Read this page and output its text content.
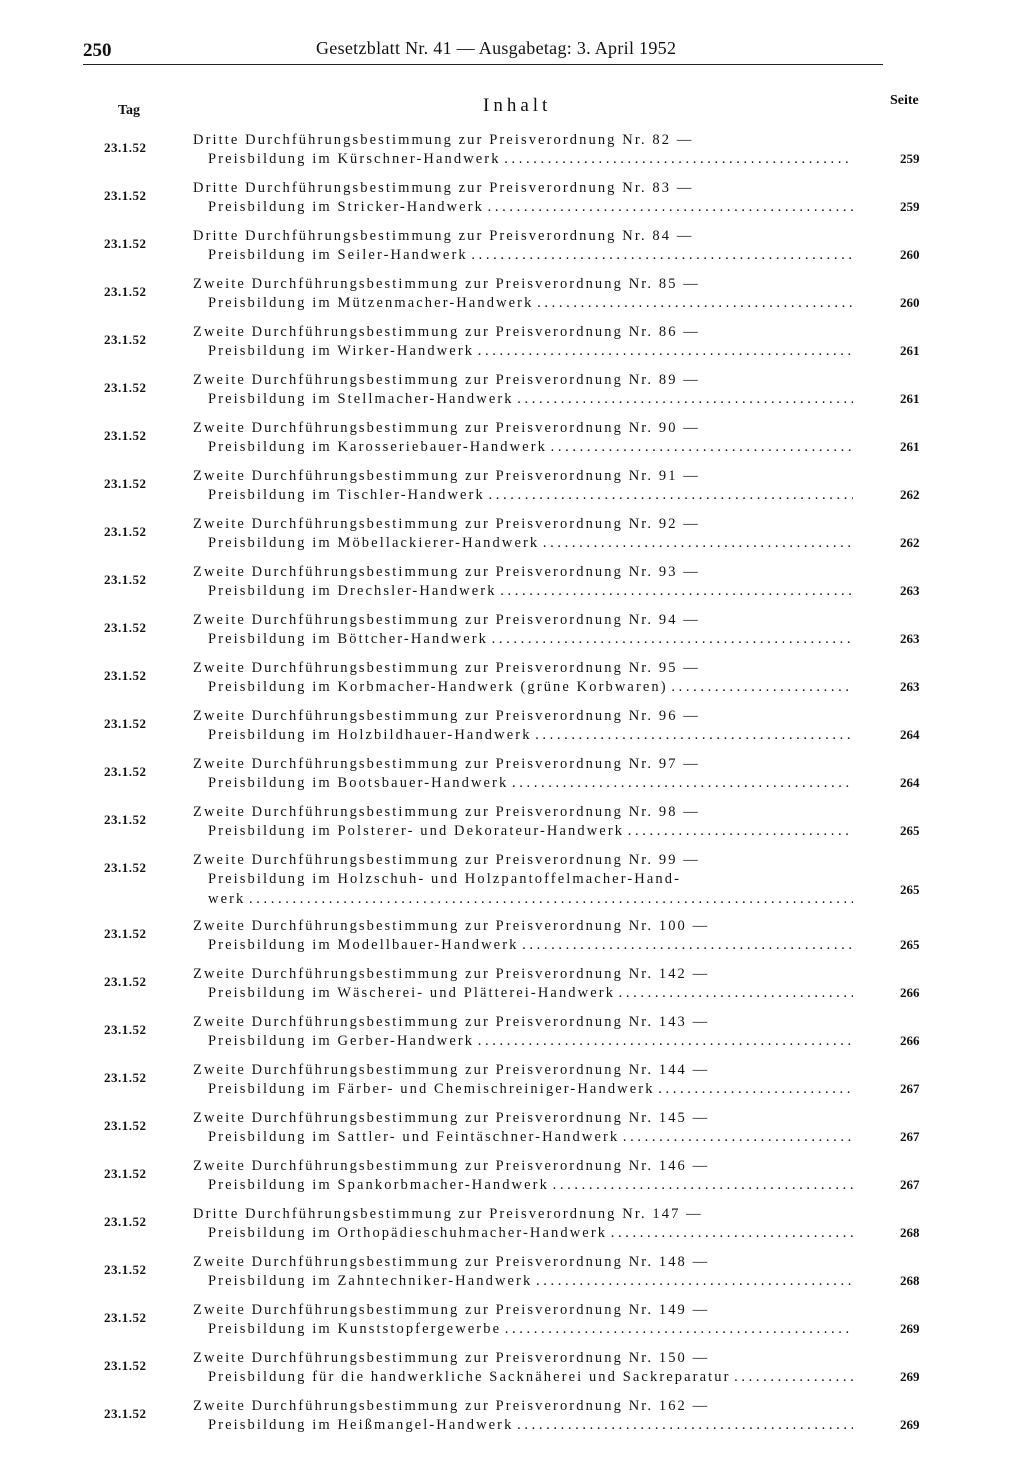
250	Gesetzblatt Nr. 41 — Ausgabetag: 3. April 1952
Tag	Inhalt	Seite
23.1.52	Dritte Durchführungsbestimmung zur Preisverordnung Nr. 82 —
Preisbildung im Kürschner-Handwerk . . .	259
23.1.52	Dritte Durchführungsbestimmung zur Preisverordnung Nr. 83 —
Preisbildung im Stricker-Handwerk . . .	259
23.1.52	Dritte Durchführungsbestimmung zur Preisverordnung Nr. 84 —
Preisbildung im Seiler-Handwerk . . .	260
23.1.52	Zweite Durchführungsbestimmung zur Preisverordnung Nr. 85 —
Preisbildung im Mützenmacher-Handwerk . . .	260
23.1.52	Zweite Durchführungsbestimmung zur Preisverordnung Nr. 86 —
Preisbildung im Wirker-Handwerk . . .	261
23.1.52	Zweite Durchführungsbestimmung zur Preisverordnung Nr. 89 —
Preisbildung im Stellmacher-Handwerk . . .	261
23.1.52	Zweite Durchführungsbestimmung zur Preisverordnung Nr. 90 —
Preisbildung im Karosseriebauer-Handwerk . . .	261
23.1.52	Zweite Durchführungsbestimmung zur Preisverordnung Nr. 91 —
Preisbildung im Tischler-Handwerk . . .	262
23.1.52	Zweite Durchführungsbestimmung zur Preisverordnung Nr. 92 —
Preisbildung im Möbellackierer-Handwerk . . .	262
23.1.52	Zweite Durchführungsbestimmung zur Preisverordnung Nr. 93 —
Preisbildung im Drechsler-Handwerk . . .	263
23.1.52	Zweite Durchführungsbestimmung zur Preisverordnung Nr. 94 —
Preisbildung im Böttcher-Handwerk . . .	263
23.1.52	Zweite Durchführungsbestimmung zur Preisverordnung Nr. 95 —
Preisbildung im Korbmacher-Handwerk (grüne Korbwaren) . . .	263
23.1.52	Zweite Durchführungsbestimmung zur Preisverordnung Nr. 96 —
Preisbildung im Holzbildhauer-Handwerk . . .	264
23.1.52	Zweite Durchführungsbestimmung zur Preisverordnung Nr. 97 —
Preisbildung im Bootsbauer-Handwerk . . .	264
23.1.52	Zweite Durchführungsbestimmung zur Preisverordnung Nr. 98 —
Preisbildung im Polsterer- und Dekorateur-Handwerk . . .	265
23.1.52	Zweite Durchführungsbestimmung zur Preisverordnung Nr. 99 —
Preisbildung im Holzschuh- und Holzpantoffelmacher-Hand-
werk . . .
265
23.1.52	Zweite Durchführungsbestimmung zur Preisverordnung Nr. 100 —
Preisbildung im Modellbauer-Handwerk . . .	265
23.1.52	Zweite Durchführungsbestimmung zur Preisverordnung Nr. 142 —
Preisbildung im Wäscherei- und Plätterei-Handwerk . . .	266
23.1.52	Zweite Durchführungsbestimmung zur Preisverordnung Nr. 143 —
Preisbildung im Gerber-Handwerk . . .	266
23.1.52	Zweite Durchführungsbestimmung zur Preisverordnung Nr. 144 —
Preisbildung im Färber- und Chemischreiniger-Handwerk . . .	267
23.1.52	Zweite Durchführungsbestimmung zur Preisverordnung Nr. 145 —
Preisbildung im Sattler- und Feintäschner-Handwerk . . .	267
23.1.52	Zweite Durchführungsbestimmung zur Preisverordnung Nr. 146 —
Preisbildung im Spankorbmacher-Handwerk . . .	267
23.1.52	Dritte Durchführungsbestimmung zur Preisverordnung Nr. 147 —
Preisbildung im Orthopädieschuhmacher-Handwerk . . .	268
23.1.52	Zweite Durchführungsbestimmung zur Preisverordnung Nr. 148 —
Preisbildung im Zahntechniker-Handwerk . . .	268
23.1.52	Zweite Durchführungsbestimmung zur Preisverordnung Nr. 149 —
Preisbildung im Kunststopfergewerbe . . .	269
23.1.52	Zweite Durchführungsbestimmung zur Preisverordnung Nr. 150 —
Preisbildung für die handwerkliche Sacknäherei und Sackreparatur . . .	269
23.1.52	Zweite Durchführungsbestimmung zur Preisverordnung Nr. 162 —
Preisbildung im Heißmangel-Handwerk . . .	269
